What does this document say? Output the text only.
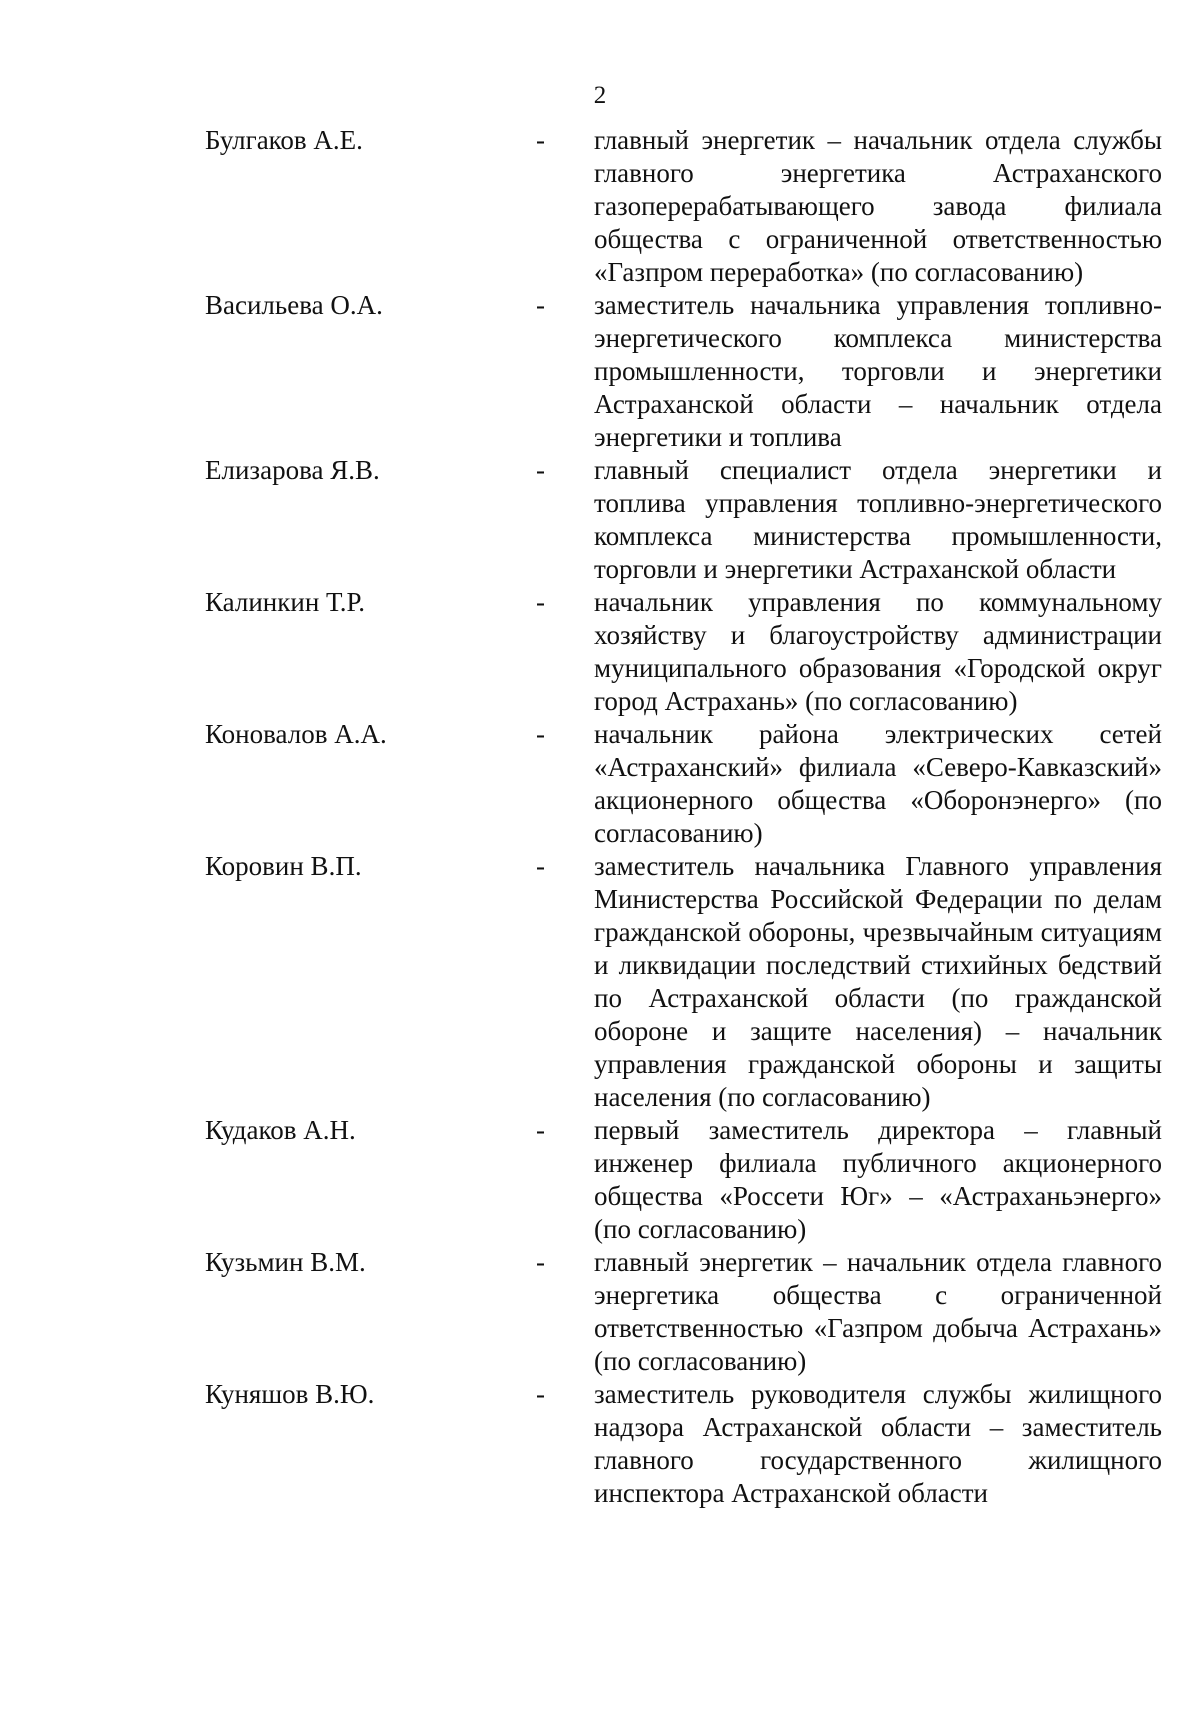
2
Булгаков А.Е.	- главный энергетик – начальник отдела службы главного энергетика Астраханского газоперерабатывающего завода филиала общества с ограниченной ответственностью «Газпром переработка» (по согласованию)
Васильева О.А.	- заместитель начальника управления топливно-энергетического комплекса министерства промышленности, торговли и энергетики Астраханской области – начальник отдела энергетики и топлива
Елизарова Я.В.	- главный специалист отдела энергетики и топлива управления топливно-энергетического комплекса министерства промышленности, торговли и энергетики Астраханской области
Калинкин Т.Р.	- начальник управления по коммунальному хозяйству и благоустройству администрации муниципального образования «Городской округ город Астрахань» (по согласованию)
Коновалов А.А.	- начальник района электрических сетей «Астраханский» филиала «Северо-Кавказский» акционерного общества «Оборонэнерго» (по согласованию)
Коровин В.П.	- заместитель начальника Главного управления Министерства Российской Федерации по делам гражданской обороны, чрезвычайным ситуациям и ликвидации последствий стихийных бедствий по Астраханской области (по гражданской обороне и защите населения) – начальник управления гражданской обороны и защиты населения (по согласованию)
Кудаков А.Н.	- первый заместитель директора – главный инженер филиала публичного акционерного общества «Россети Юг» – «Астраханьэнерго» (по согласованию)
Кузьмин В.М.	- главный энергетик – начальник отдела главного энергетика общества с ограниченной ответственностью «Газпром добыча Астрахань» (по согласованию)
Куняшов В.Ю.	- заместитель руководителя службы жилищного надзора Астраханской области – заместитель главного государственного жилищного инспектора Астраханской области
